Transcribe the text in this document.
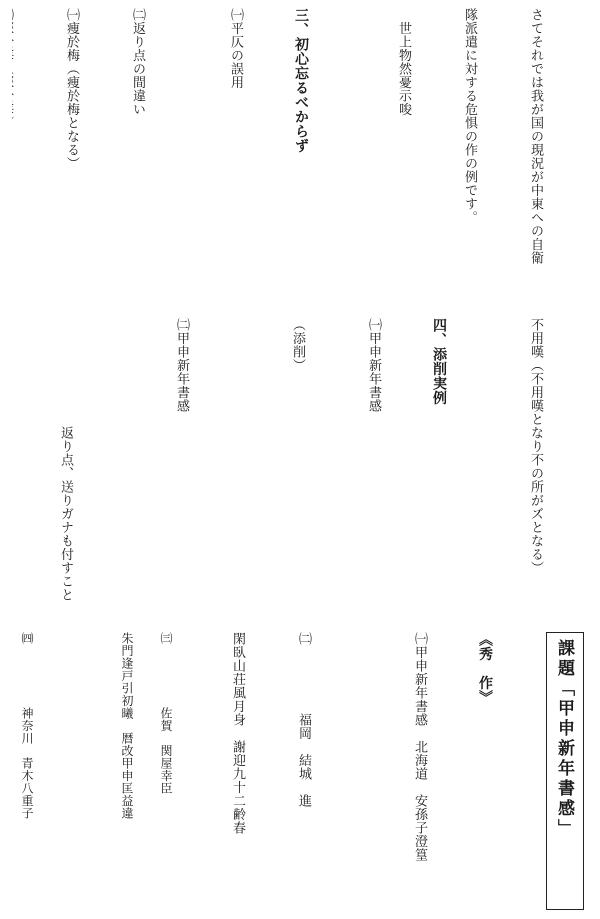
さてそれでは我が国の現況が中東への自衛

隊派遣に対する危惧の作の例です。

　世上物然憂示唆

三、初心忘るべからず

㈠平仄の誤用

㈡返り点の間違い

㈠痩於梅（痩於梅となる）

不用嘆（不用嘆となり不の所がズとなる）

四、添削実例

㈠甲申新年書感

（添削）

㈡甲申新年書感

　　　　　　　　返り点、送りガナも付すこと

課題「甲申新年書感」

《秀　作》

㈠甲申新年書感　北海道　安孫子澄篁

㈡　　　　　福岡　結城　進

閑臥山荘風月身　謝迎九十二齢春

㈢　　　　　佐賀　関屋幸臣

朱門逢戸引初曦　暦改甲申匡益違

㈣　　　　　神奈川　青木八重子
